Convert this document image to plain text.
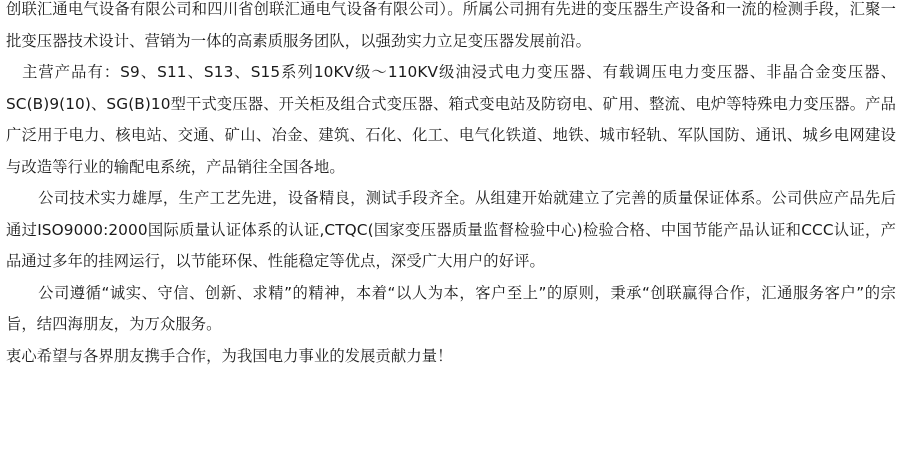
创联汇通电气设备有限公司和四川省创联汇通电气设备有限公司）。所属公司拥有先进的变压器生产设备和一流的检测手段，汇聚一批变压器技术设计、营销为一体的高素质服务团队，以强劲实力立足变压器发展前沿。

主营产品有：S9、S11、S13、S15系列10KV级～110KV级油浸式电力变压器、有载调压电力变压器、非晶合金变压器、SC(B)9(10)、SG(B)10型干式变压器、开关柜及组合式变压器、箱式变电站及防窃电、矿用、整流、电炉等特殊电力变压器。产品广泛用于电力、核电站、交通、矿山、冶金、建筑、石化、化工、电气化铁道、地铁、城市轻轨、军队国防、通讯、城乡电网建设与改造等行业的输配电系统，产品销往全国各地。

公司技术实力雄厚，生产工艺先进，设备精良，测试手段齐全。从组建开始就建立了完善的质量保证体系。公司供应产品先后通过ISO9000:2000国际质量认证体系的认证,CTQC(国家变压器质量监督检验中心)检验合格、中国节能产品认证和CCC认证，产品通过多年的挂网运行，以节能环保、性能稳定等优点，深受广大用户的好评。

公司遵循“诚实、守信、创新、求精”的精神，本着“以人为本，客户至上”的原则，秉承“创联赢得合作，汇通服务客户”的宗旨，结四海朋友，为万众服务。

衷心希望与各界朋友携手合作，为我国电力事业的发展贡献力量！
